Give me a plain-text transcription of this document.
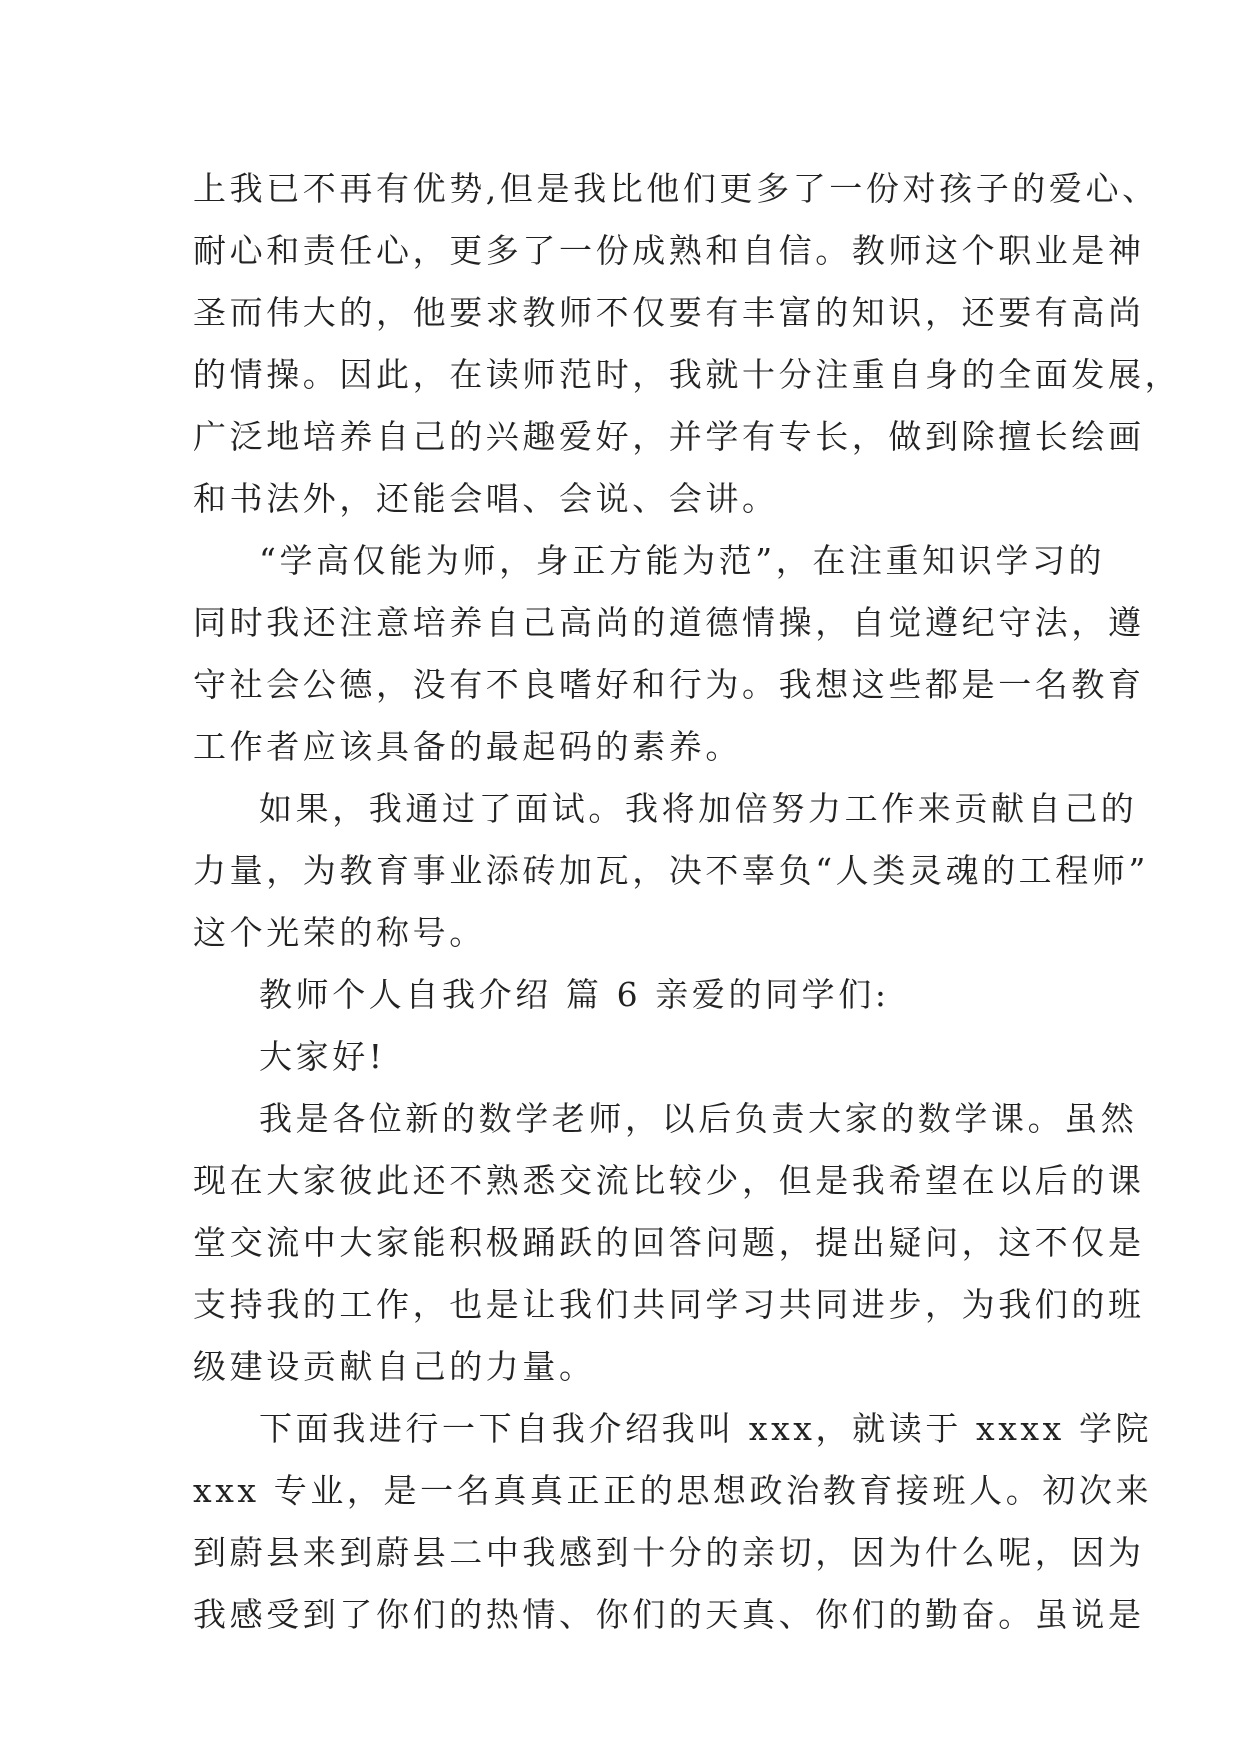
上我已不再有优势,但是我比他们更多了一份对孩子的爱心、
耐心和责任心，更多了一份成熟和自信。教师这个职业是神
圣而伟大的，他要求教师不仅要有丰富的知识，还要有高尚
的情操。因此，在读师范时，我就十分注重自身的全面发展，
广泛地培养自己的兴趣爱好，并学有专长，做到除擅长绘画
和书法外，还能会唱、会说、会讲。
“学高仅能为师，身正方能为范”，在注重知识学习的
同时我还注意培养自己高尚的道德情操，自觉遵纪守法，遵
守社会公德，没有不良嗜好和行为。我想这些都是一名教育
工作者应该具备的最起码的素养。
如果，我通过了面试。我将加倍努力工作来贡献自己的
力量，为教育事业添砖加瓦，决不辜负“人类灵魂的工程师”
这个光荣的称号。
教师个人自我介绍 篇 6 亲爱的同学们:
大家好!
我是各位新的数学老师，以后负责大家的数学课。虽然
现在大家彼此还不熟悉交流比较少，但是我希望在以后的课
堂交流中大家能积极踊跃的回答问题，提出疑问，这不仅是
支持我的工作，也是让我们共同学习共同进步，为我们的班
级建设贡献自己的力量。
下面我进行一下自我介绍我叫 xxx，就读于 xxxx 学院
xxx 专业，是一名真真正正的思想政治教育接班人。初次来
到蔚县来到蔚县二中我感到十分的亲切，因为什么呢，因为
我感受到了你们的热情、你们的天真、你们的勤奋。虽说是
